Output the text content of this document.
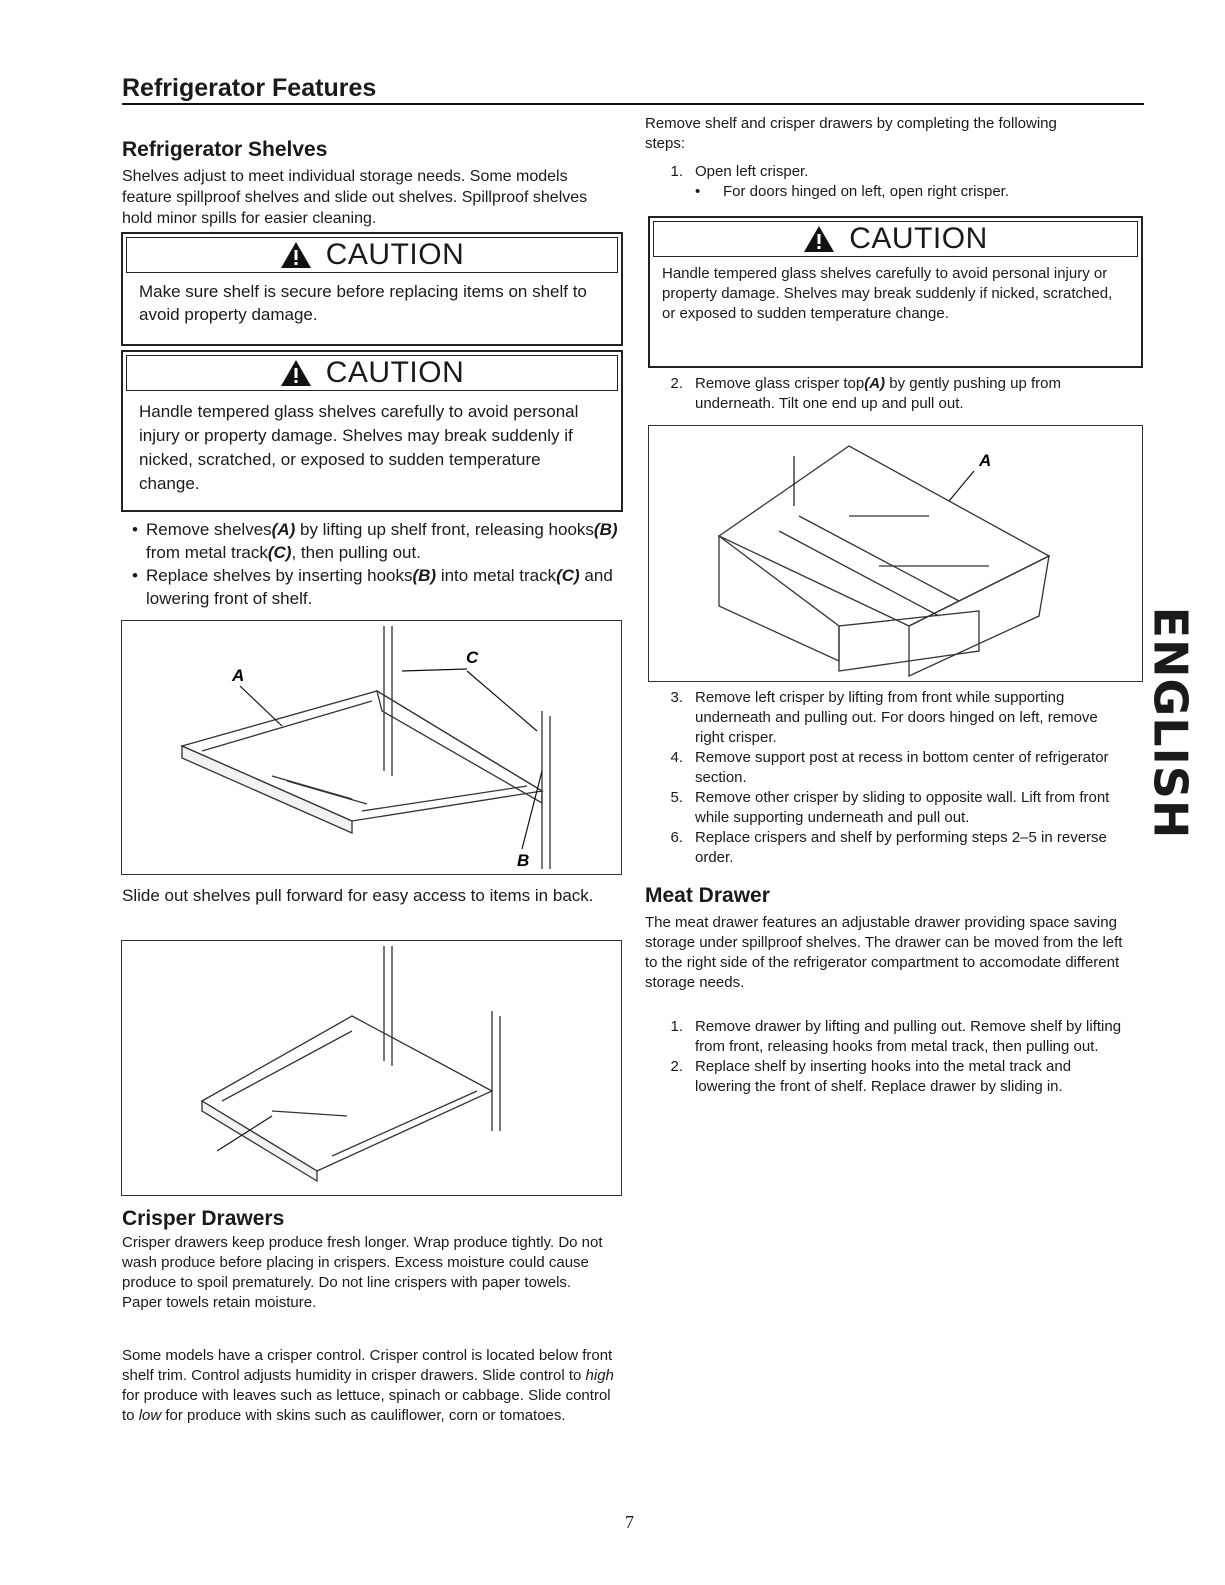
Refrigerator Features
Refrigerator Shelves

Shelves adjust to meet individual storage needs. Some models feature spillproof shelves and slide out shelves. Spillproof shelves hold minor spills for easier cleaning.

CAUTION

Make sure shelf is secure before replacing items on shelf to avoid property damage.

CAUTION

Handle tempered glass shelves carefully to avoid personal injury or property damage. Shelves may break suddenly if nicked, scratched, or exposed to sudden temperature change.

• Remove shelves(A) by lifting up shelf front, releasing hooks(B) from metal track(C), then pulling out.
• Replace shelves by inserting hooks(B) into metal track(C) and lowering front of shelf.
A
C
B

Slide out shelves pull forward for easy access to items in back.

Crisper Drawers

Crisper drawers keep produce fresh longer. Wrap produce tightly. Do not wash produce before placing in crispers. Excess moisture could cause produce to spoil prematurely. Do not line crispers with paper towels. Paper towels retain moisture.

Some models have a crisper control. Crisper control is located below front shelf trim. Control adjusts humidity in crisper drawers. Slide control to high for produce with leaves such as lettuce, spinach or cabbage. Slide control to low for produce with skins such as cauliflower, corn or tomatoes.

Remove shelf and crisper drawers by completing the following steps:

1. Open left crisper.
•	For doors hinged on left, open right crisper.
CAUTION

Handle tempered glass shelves carefully to avoid personal injury or property damage. Shelves may break suddenly if nicked, scratched, or exposed to sudden temperature change.

2. Remove glass crisper top(A) by gently pushing up from underneath. Tilt one end up and pull out.
A
3. Remove left crisper by lifting from front while supporting underneath and pulling out. For doors hinged on left, remove right crisper.
4. Remove support post at recess in bottom center of refrigerator section.
5. Remove other crisper by sliding to opposite wall. Lift from front while supporting underneath and pull out.
6. Replace crispers and shelf by performing steps 2–5 in reverse order.
Meat Drawer

The meat drawer features an adjustable drawer providing space saving storage under spillproof shelves. The drawer can be moved from the left to the right side of the refrigerator compartment to accomodate different storage needs.

1. Remove drawer by lifting and pulling out. Remove shelf by lifting from front, releasing hooks from metal track, then pulling out.
2. Replace shelf by inserting hooks into the metal track and lowering the front of shelf. Replace drawer by sliding in.
ENGLISH
7
